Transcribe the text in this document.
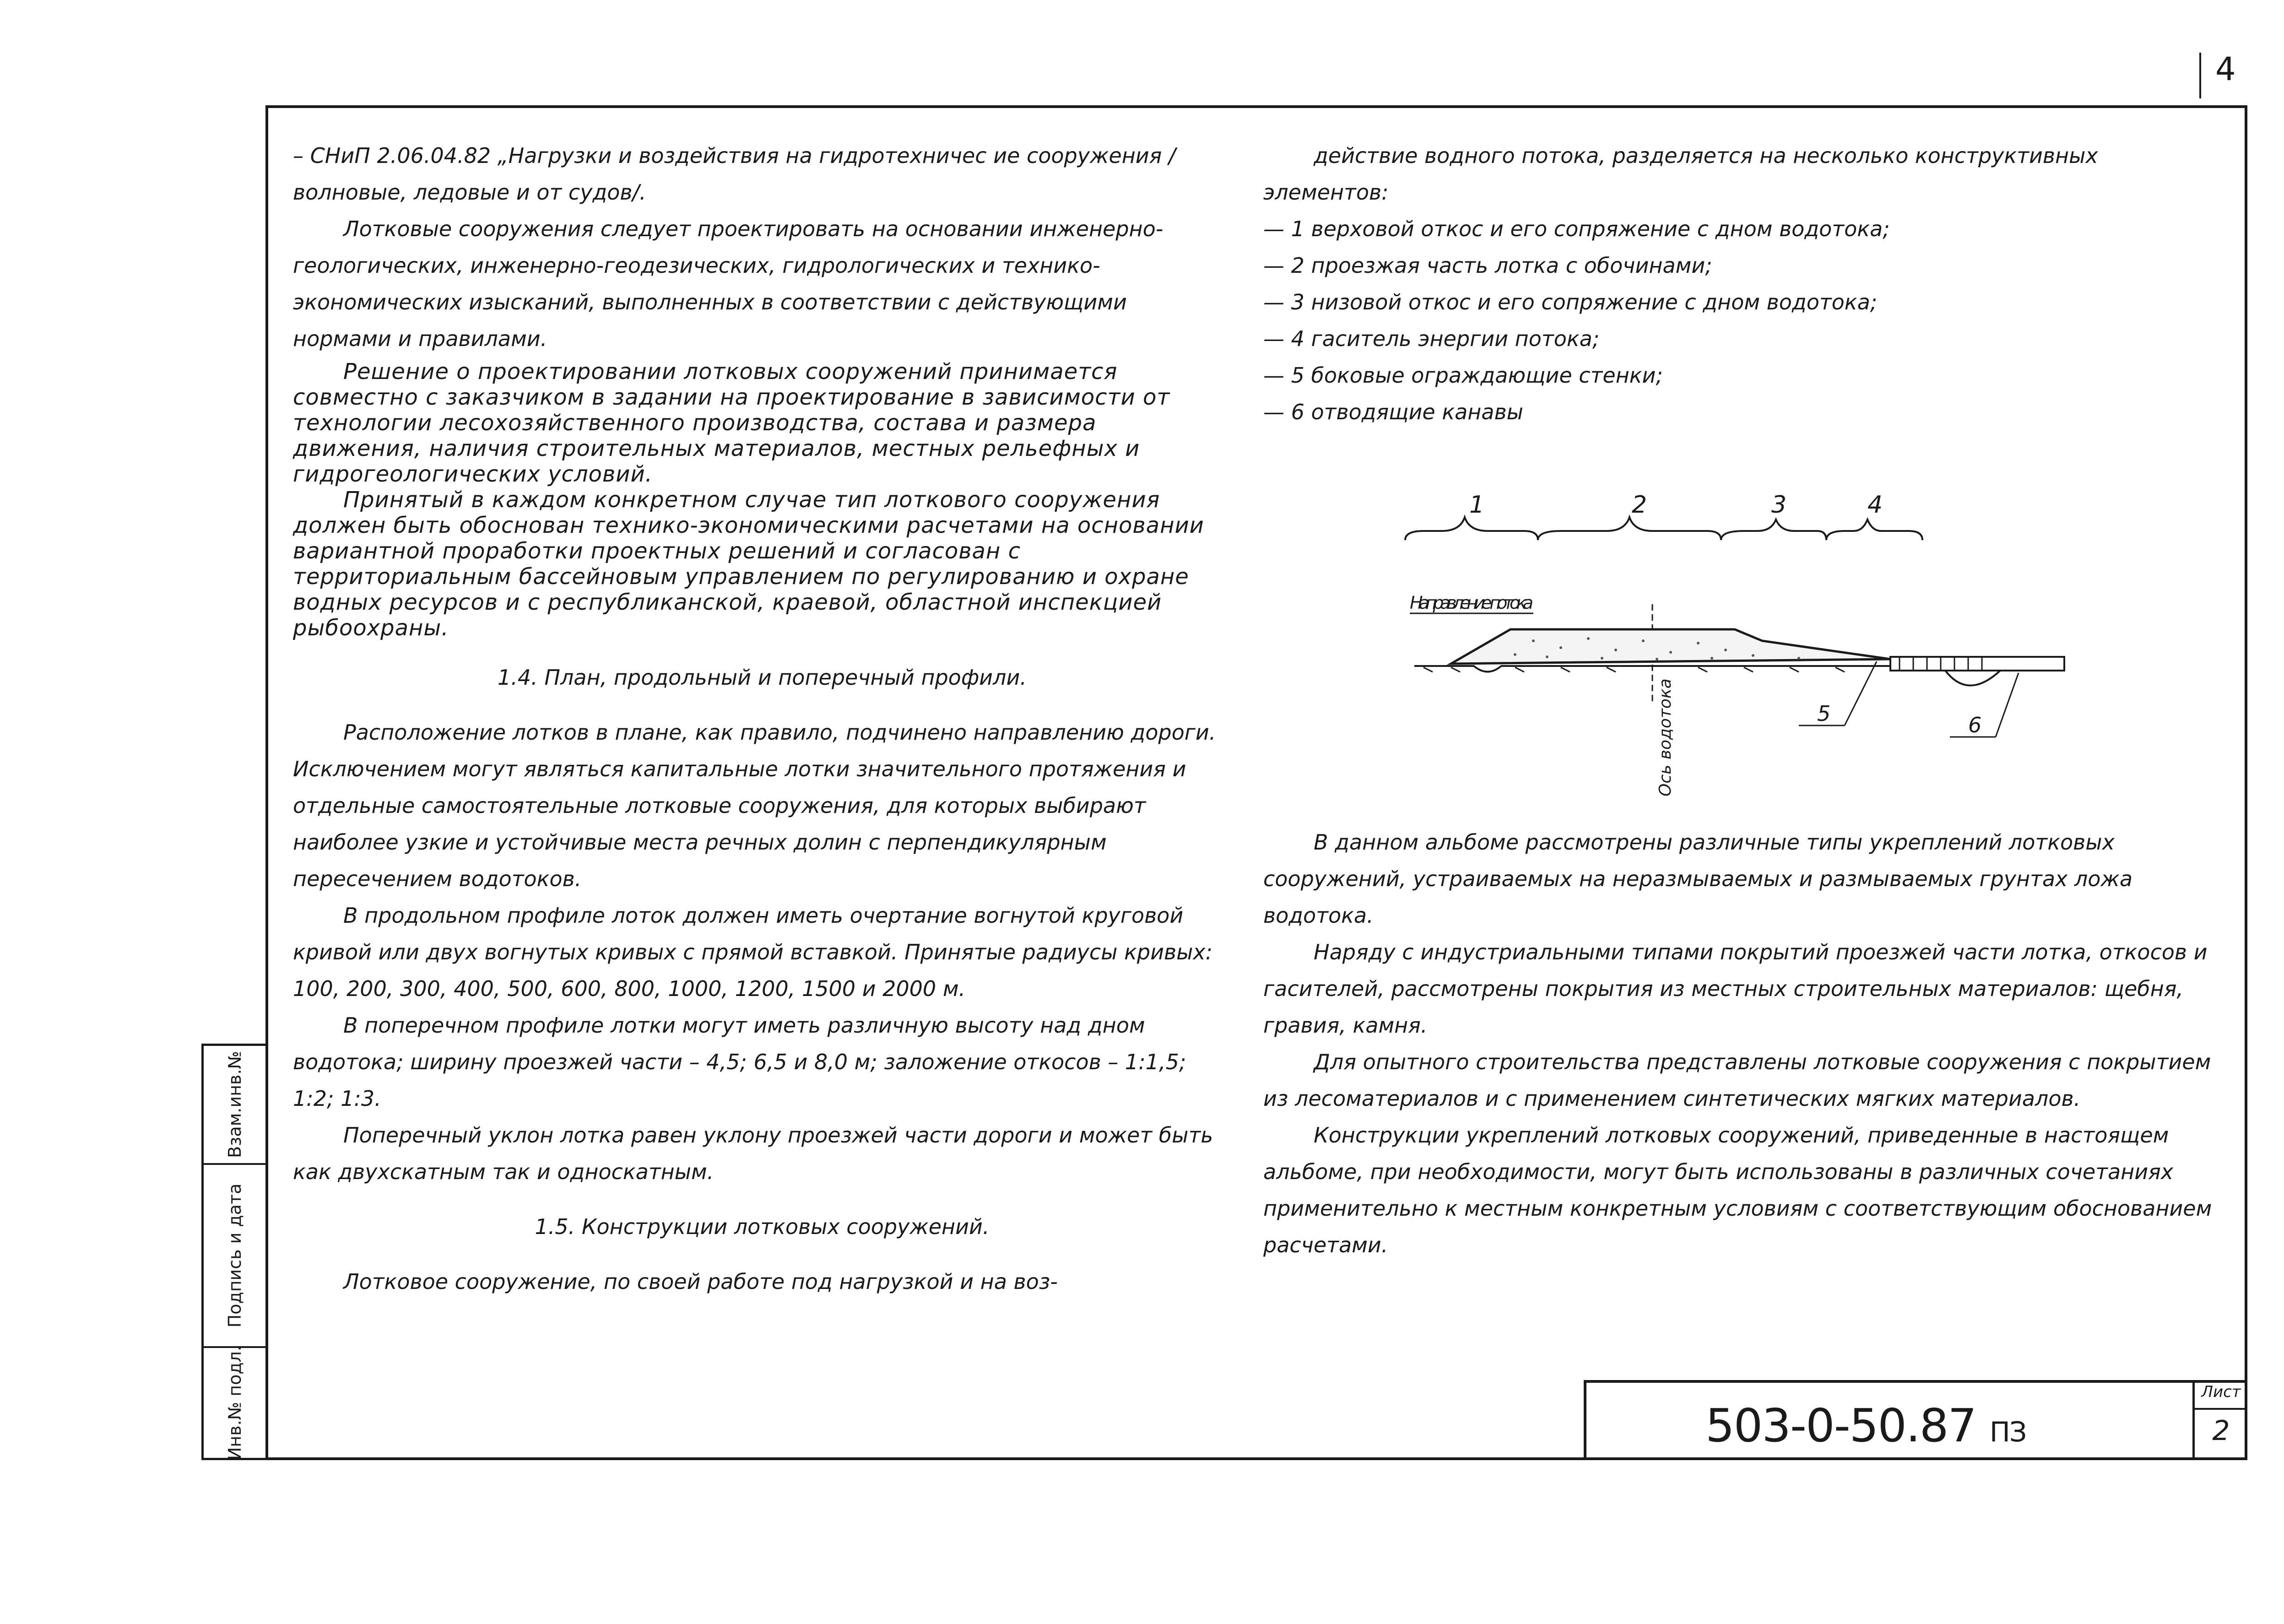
4

– СНиП 2.06.04.82 „Нагрузки и воздействия на гидротехничес ие сооружения /волновые, ледовые и от судов/.

Лотковые сооружения следует проектировать на основании инженерно-геологических, инженерно-геодезических, гидрологических и технико-экономических изысканий, выполненных в соответствии с действующими нормами и правилами.

Решение о проектировании лотковых сооружений принимается совместно с заказчиком в задании на проектирование в зависимости от технологии лесохозяйственного производства, состава и размера движения, наличия строительных материалов, местных рельефных и гидрогеологических условий.

Принятый в каждом конкретном случае тип лоткового сооружения должен быть обоснован технико-экономическими расчетами на основании вариантной проработки проектных решений и согласован с территориальным бассейновым управлением по регулированию и охране водных ресурсов и с республиканской, краевой, областной инспекцией рыбоохраны.

1.4. План, продольный и поперечный профили.

Расположение лотков в плане, как правило, подчинено направлению дороги. Исключением могут являться капитальные лотки значительного протяжения и отдельные самостоятельные лотковые сооружения, для которых выбирают наиболее узкие и устойчивые места речных долин с перпендикулярным пересечением водотоков.

В продольном профиле лоток должен иметь очертание вогнутой круговой кривой или двух вогнутых кривых с прямой вставкой. Принятые радиусы кривых: 100, 200, 300, 400, 500, 600, 800, 1000, 1200, 1500 и 2000 м.

В поперечном профиле лотки могут иметь различную высоту над дном водотока; ширину проезжей части – 4,5; 6,5 и 8,0 м; заложение откосов – 1:1,5; 1:2; 1:3.

Поперечный уклон лотка равен уклону проезжей части дороги и может быть как двухскатным так и односкатным.

1.5. Конструкции лотковых сооружений.

Лотковое сооружение, по своей работе под нагрузкой и на воз-

действие водного потока, разделяется на несколько конструктивных элементов:

— 1 верховой откос и его сопряжение с дном водотока;

— 2 проезжая часть лотка с обочинами;

— 3 низовой откос и его сопряжение с дном водотока;

— 4 гаситель энергии потока;

— 5 боковые ограждающие стенки;

— 6 отводящие канавы

1	2	3	4
Направление потока
Ось водотока	5	6

В данном альбоме рассмотрены различные типы укреплений лотковых сооружений, устраиваемых на неразмываемых и размываемых грунтах ложа водотока.

Наряду с индустриальными типами покрытий проезжей части лотка, откосов и гасителей, рассмотрены покрытия из местных строительных материалов: щебня, гравия, камня.

Для опытного строительства представлены лотковые сооружения с покрытием из лесоматериалов и с применением синтетических мягких материалов.

Конструкции укреплений лотковых сооружений, приведенные в настоящем альбоме, при необходимости, могут быть использованы в различных сочетаниях применительно к местным конкретным условиям с соответствующим обоснованием расчетами.

Взам.инв.№
Подпись и дата
Инв.№ подл.	503-0-50.87 ПЗ
Лист
2
